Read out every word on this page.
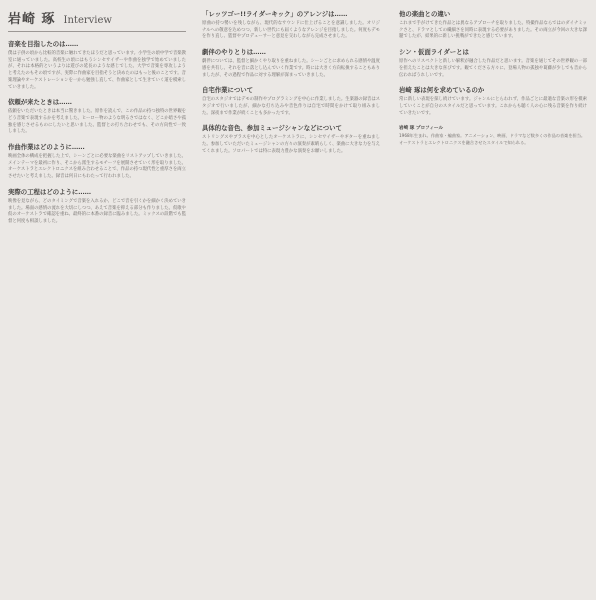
岩崎 琢 Interview
音楽を目指したのは……
僕は子供の頃から比較的音楽に触れてきたほうだと思っています。小学生の頃中学で音楽教室に通っていました。高校生の頃にはもうシンセサイザーや作曲を独学で始めていましたが、それは本格的というよりは遊びの延長のような感じでした。大学で音楽を専攻しようと考えたのもその頃ですが、実際に作曲家を目指そうと決めたのはもっと後のことです。音楽理論やオーケストレーションを一から勉強し直して、作曲家として生きていく道を模索していきました。
依頼が来たときは……
依頼をいただいたときは本当に驚きました。原作を読んで、この作品の持つ独特の世界観をどう音楽で表現するかを考えました。ヒーロー物のような明るさではなく、どこか暗さや孤独を感じさせるものにしたいと思いました。監督との打ち合わせでも、その方向性で一致しました。
作曲作業はどのように……
映画全体の構成を把握した上で、シーンごとに必要な楽曲をリストアップしていきました。メインテーマを最初に作り、そこから派生するモチーフを展開させていく形を取りました。オーケストラとエレクトロニクスを組み合わせることで、作品の持つ現代性と重厚さを両立させたいと考えました。録音は何日にもわたって行われました。
実際の工程はどのように……
映像を見ながら、どのタイミングで音楽を入れるか、どこで音を引くかを細かく決めていきました。場面の感情の流れを大切にしつつ、あえて音楽を抑える部分も作りました。仮歌や仮のオーケストラで確認を重ね、最終的に本番の録音に臨みました。ミックスの段階でも監督と何度も相談しました。
「レッツゴー!!ライダーキック」のアレンジは……
原曲の持つ勢いを残しながら、現代的なサウンドに仕上げることを意識しました。オリジナルへの敬意を込めつつ、新しい世代にも届くようなアレンジを目指しました。何度もデモを作り直し、監督やプロデューサーと意見を交わしながら完成させました。
劇伴のやりとりは……
劇伴については、監督と細かくやり取りを重ねました。シーンごとに求められる感情や温度感を共有し、それを音に落とし込んでいく作業です。時には大きく方向転換することもありましたが、その過程で作品に対する理解が深まっていきました。
自宅作業について
自宅のスタジオではデモの制作やプログラミングを中心に作業しました。生楽器の録音はスタジオで行いましたが、細かな打ち込みや音色作りは自宅で時間をかけて取り組みました。深夜まで作業が続くことも多かったです。
具体的な音色、参加ミュージシャンなどについて
ストリングスやブラスを中心としたオーケストラに、シンセサイザーやギターを重ねました。参加していただいたミュージシャンの方々の演奏が素晴らしく、楽曲に大きな力を与えてくれました。ソロパートでは特に表現力豊かな演奏をお願いしました。
他の楽曲との違い
これまで手がけてきた作品とは異なるアプローチを取りました。特撮作品ならではのダイナミックさと、ドラマとしての繊細さを同時に表現する必要がありました。その両立が今回の大きな課題でしたが、結果的に新しい挑戦ができたと感じています。
シン・仮面ライダーとは
原作へのリスペクトと新しい解釈が融合した作品だと思います。音楽を通じてその世界観の一部を担えたことは大きな喜びです。観てくださる方々に、登場人物の孤独や葛藤が少しでも音から伝わればうれしいです。
岩崎 琢は何を求めているのか
常に新しい表現を探し続けています。ジャンルにとらわれず、作品ごとに最適な音楽の形を模索していくことが自分のスタイルだと思っています。これからも聴く人の心に残る音楽を作り続けていきたいです。
岩崎 琢 プロフィール
1968年生まれ。作曲家・編曲家。アニメーション、映画、ドラマなど数多くの作品の音楽を担当。オーケストラとエレクトロニクスを融合させたスタイルで知られる。
